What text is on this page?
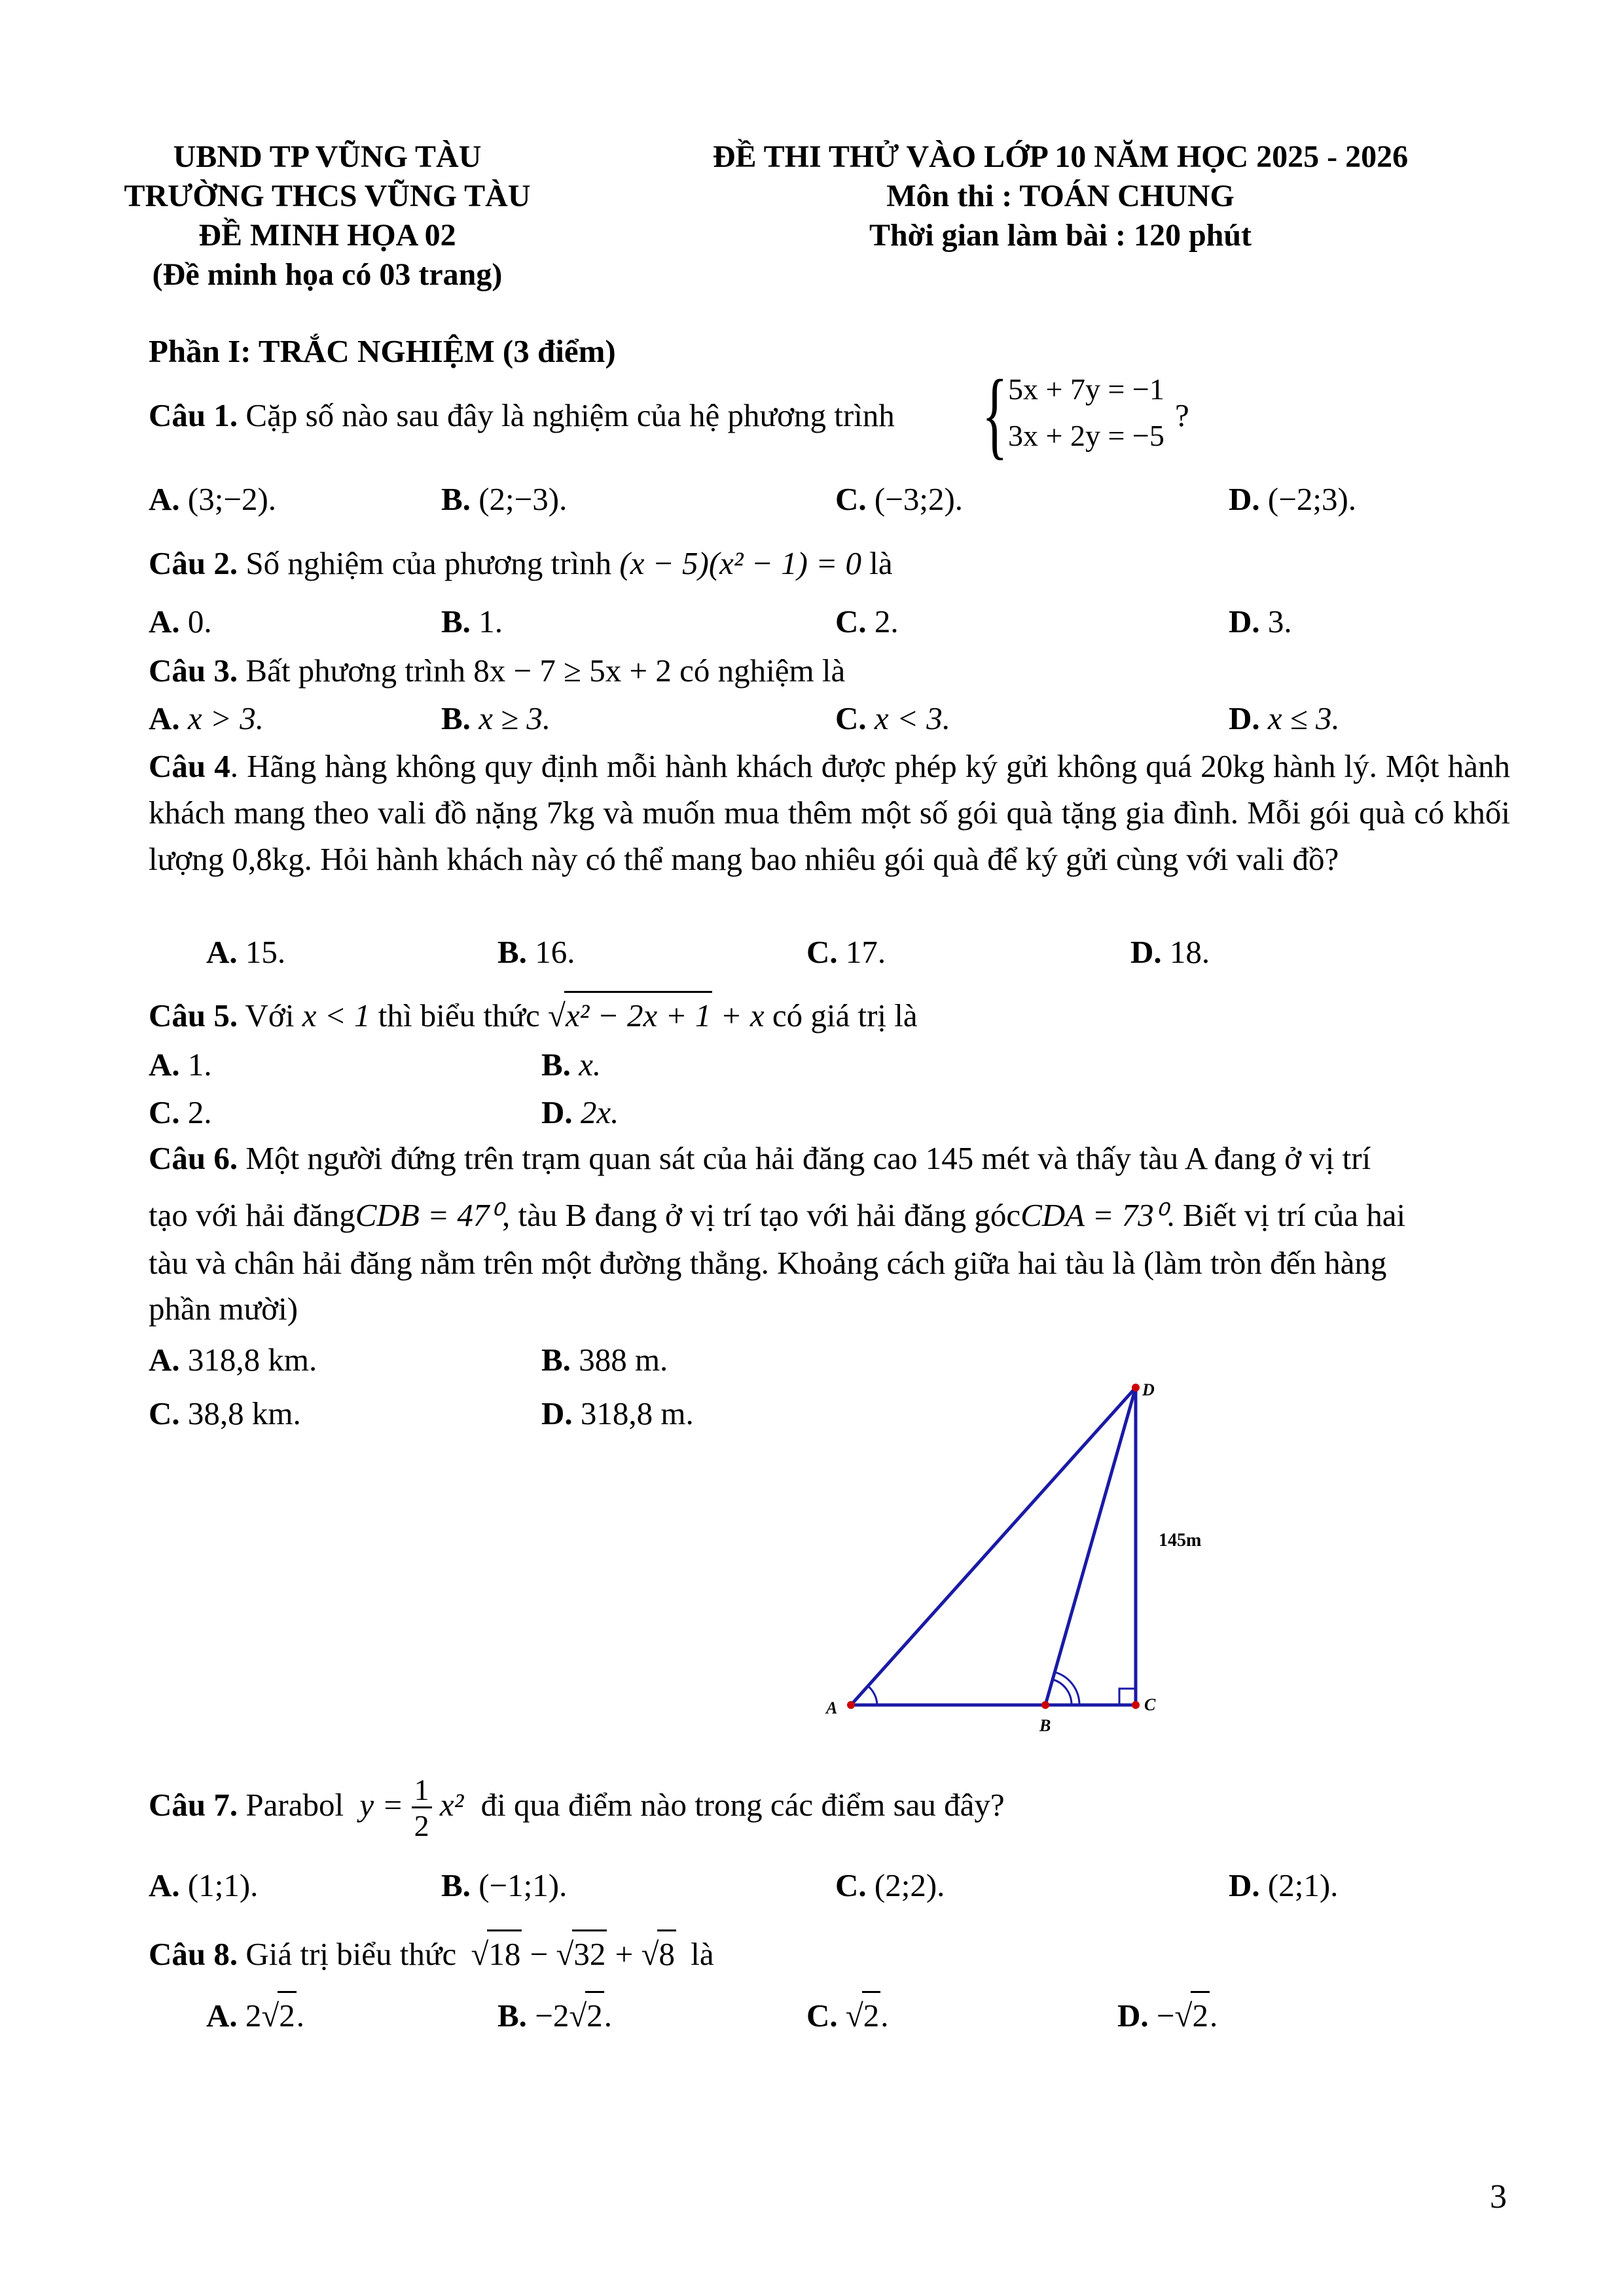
UBND TP VŨNG TÀU
TRƯỜNG THCS VŨNG TÀU
ĐỀ MINH HỌA 02
(Đề minh họa có 03 trang)
ĐỀ THI THỬ VÀO LỚP 10 NĂM HỌC 2025 - 2026
Môn thi : TOÁN CHUNG
Thời gian làm bài : 120 phút
Phần I: TRẮC NGHIỆM (3 điểm)
Câu 1. Cặp số nào sau đây là nghiệm của hệ phương trình { 5x + 7y = −1
3x + 2y = −5
?
A. (3;−2).	B. (2;−3).	C. (−3;2).	D. (−2;3).
Câu 2. Số nghiệm của phương trình (x − 5)(x² − 1) = 0 là
A. 0.	B. 1.	C. 2.	D. 3.
Câu 3. Bất phương trình 8x − 7 ≥ 5x + 2 có nghiệm là
A. x > 3.	B. x ≥ 3.	C. x < 3.	D. x ≤ 3.
Câu 4. Hãng hàng không quy định mỗi hành khách được phép ký gửi không quá 20kg hành lý. Một hành khách mang theo vali đồ nặng 7kg và muốn mua thêm một số gói quà tặng gia đình. Mỗi gói quà có khối lượng 0,8kg. Hỏi hành khách này có thể mang bao nhiêu gói quà để ký gửi cùng với vali đồ?
A. 15.	B. 16.	C. 17.	D. 18.
Câu 5. Với x < 1 thì biểu thức √x² − 2x + 1 + x có giá trị là
A. 1.	B. x.
C. 2.	D. 2x.
Câu 6. Một người đứng trên trạm quan sát của hải đăng cao 145 mét và thấy tàu A đang ở vị trí
tạo với hải đăngCDB = 47⁰, tàu B đang ở vị trí tạo với hải đăng gócCDA = 73⁰. Biết vị trí của hai
tàu và chân hải đăng nằm trên một đường thẳng. Khoảng cách giữa hai tàu là (làm tròn đến hàng
phần mười)
A. 318,8 km.	B. 388 m.
C. 38,8 km.	D. 318,8 m.
D
A
B
C
145m
Câu 7. Parabol $y = \frac{1}{2} x^2$ đi qua điểm nào trong các điểm sau đây?
A. (1;1).	B. (−1;1).	C. (2;2).	D. (2;1).
Câu 8. Giá trị biểu thức √18 − √32 + √8 là
A. 2√2.	B. −2√2.	C. √2.	D. −√2.
3
